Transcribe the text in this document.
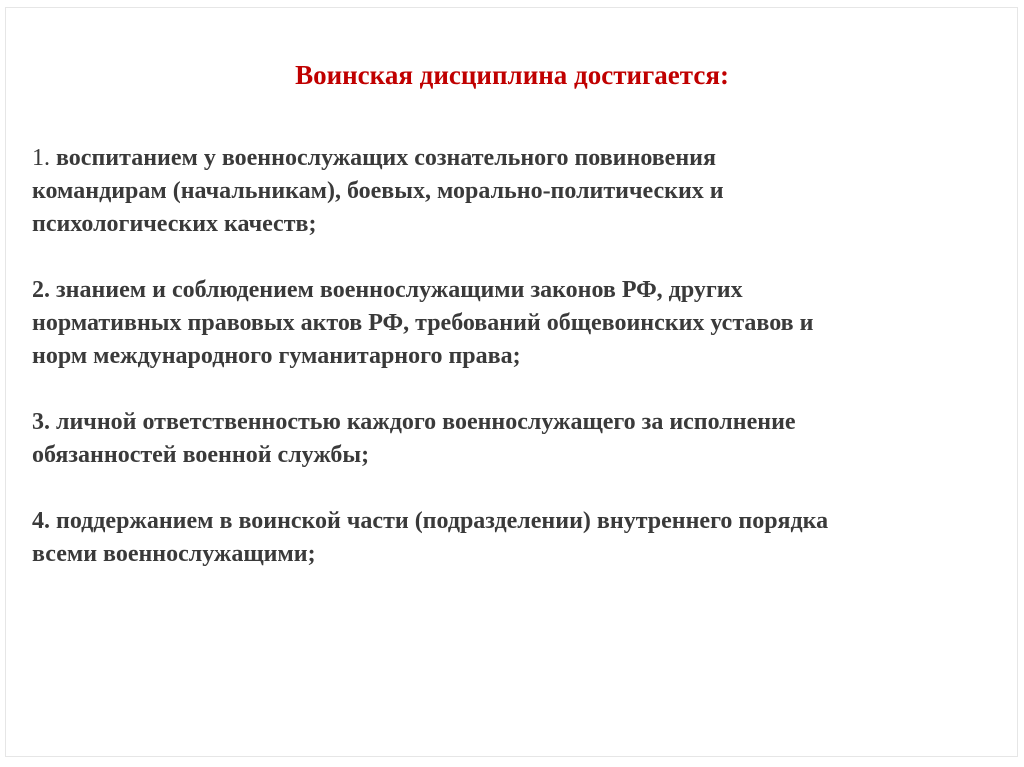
Воинская дисциплина достигается:
1. воспитанием у военнослужащих сознательного повиновения
командирам (начальникам), боевых, морально-политических и
психологических качеств;
2. знанием и соблюдением военнослужащими законов РФ, других
нормативных правовых актов РФ, требований общевоинских уставов и
норм международного гуманитарного права;
3. личной ответственностью каждого военнослужащего за исполнение
обязанностей военной службы;
4. поддержанием в воинской части (подразделении) внутреннего порядка
всеми военнослужащими;
